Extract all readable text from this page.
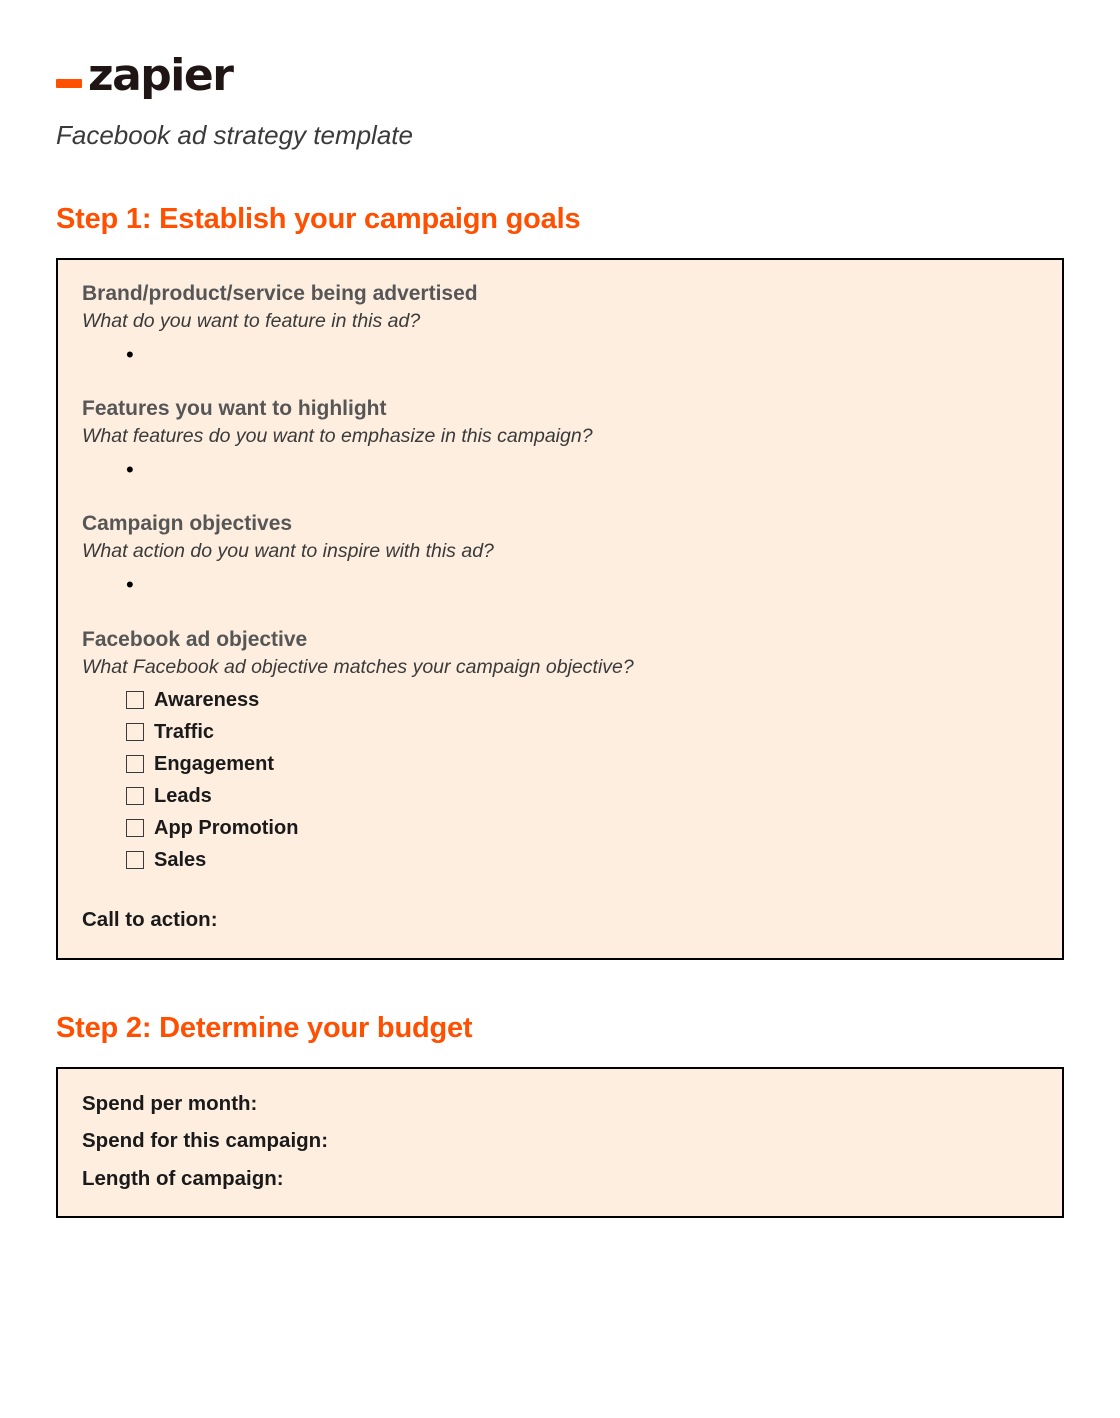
zapier
Facebook ad strategy template
Step 1: Establish your campaign goals
Brand/product/service being advertised
What do you want to feature in this ad?
•
Features you want to highlight
What features do you want to emphasize in this campaign?
•
Campaign objectives
What action do you want to inspire with this ad?
•
Facebook ad objective
What Facebook ad objective matches your campaign objective?
Awareness
Traffic
Engagement
Leads
App Promotion
Sales
Call to action:
Step 2: Determine your budget
Spend per month:
Spend for this campaign:
Length of campaign:
